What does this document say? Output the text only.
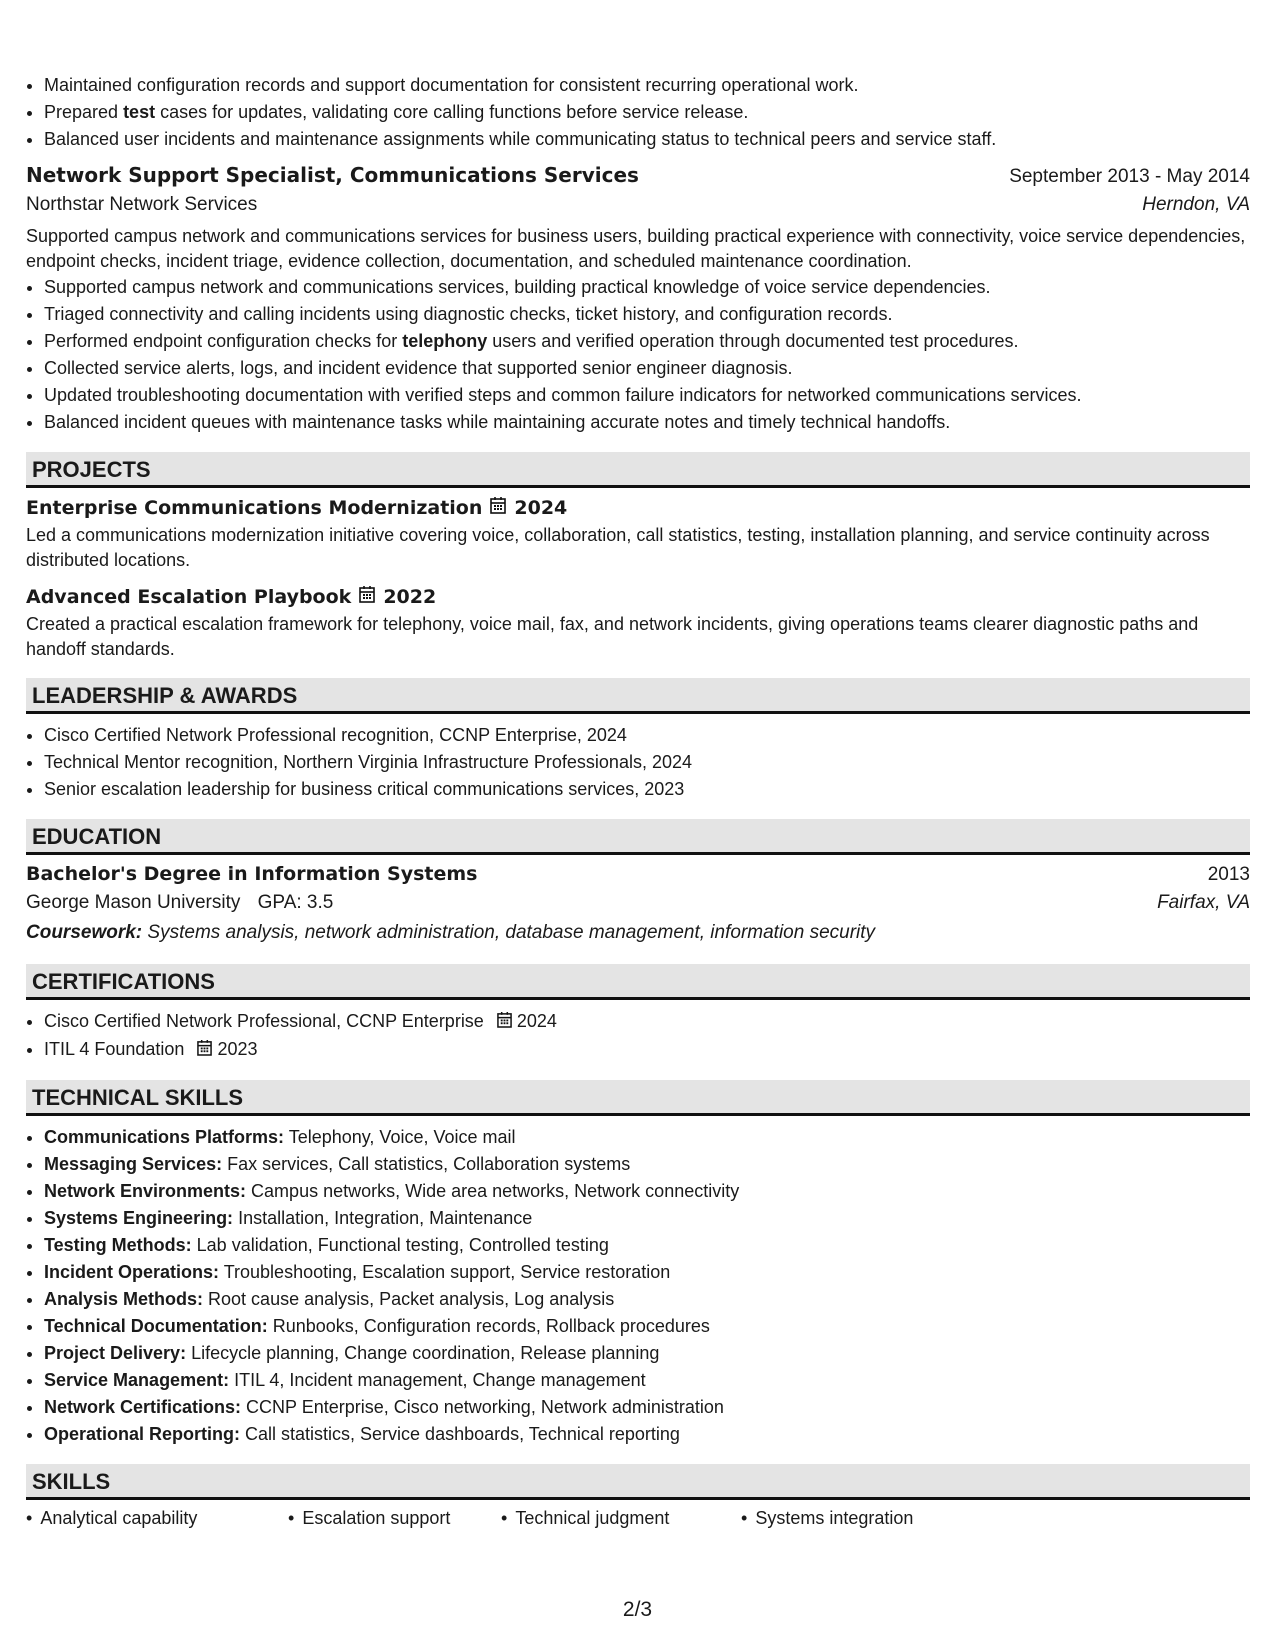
• Maintained configuration records and support documentation for consistent recurring operational work.
• Prepared test cases for updates, validating core calling functions before service release.
• Balanced user incidents and maintenance assignments while communicating status to technical peers and service staff.
Network Support Specialist, Communications Services	September 2013 - May 2014
Northstar Network Services	Herndon, VA
Supported campus network and communications services for business users, building practical experience with connectivity, voice service dependencies, endpoint checks, incident triage, evidence collection, documentation, and scheduled maintenance coordination.
• Supported campus network and communications services, building practical knowledge of voice service dependencies.
• Triaged connectivity and calling incidents using diagnostic checks, ticket history, and configuration records.
• Performed endpoint configuration checks for telephony users and verified operation through documented test procedures.
• Collected service alerts, logs, and incident evidence that supported senior engineer diagnosis.
• Updated troubleshooting documentation with verified steps and common failure indicators for networked communications services.
• Balanced incident queues with maintenance tasks while maintaining accurate notes and timely technical handoffs.
PROJECTS
Enterprise Communications Modernization 2024
Led a communications modernization initiative covering voice, collaboration, call statistics, testing, installation planning, and service continuity across distributed locations.
Advanced Escalation Playbook 2022
Created a practical escalation framework for telephony, voice mail, fax, and network incidents, giving operations teams clearer diagnostic paths and handoff standards.
LEADERSHIP & AWARDS
• Cisco Certified Network Professional recognition, CCNP Enterprise, 2024
• Technical Mentor recognition, Northern Virginia Infrastructure Professionals, 2024
• Senior escalation leadership for business critical communications services, 2023
EDUCATION
Bachelor's Degree in Information Systems	2013
George Mason University GPA: 3.5	Fairfax, VA
Coursework: Systems analysis, network administration, database management, information security
CERTIFICATIONS
• Cisco Certified Network Professional, CCNP Enterprise 2024
• ITIL 4 Foundation 2023
TECHNICAL SKILLS
• Communications Platforms: Telephony, Voice, Voice mail
• Messaging Services: Fax services, Call statistics, Collaboration systems
• Network Environments: Campus networks, Wide area networks, Network connectivity
• Systems Engineering: Installation, Integration, Maintenance
• Testing Methods: Lab validation, Functional testing, Controlled testing
• Incident Operations: Troubleshooting, Escalation support, Service restoration
• Analysis Methods: Root cause analysis, Packet analysis, Log analysis
• Technical Documentation: Runbooks, Configuration records, Rollback procedures
• Project Delivery: Lifecycle planning, Change coordination, Release planning
• Service Management: ITIL 4, Incident management, Change management
• Network Certifications: CCNP Enterprise, Cisco networking, Network administration
• Operational Reporting: Call statistics, Service dashboards, Technical reporting
SKILLS
• Analytical capability	• Escalation support	• Technical judgment	• Systems integration
2/3
